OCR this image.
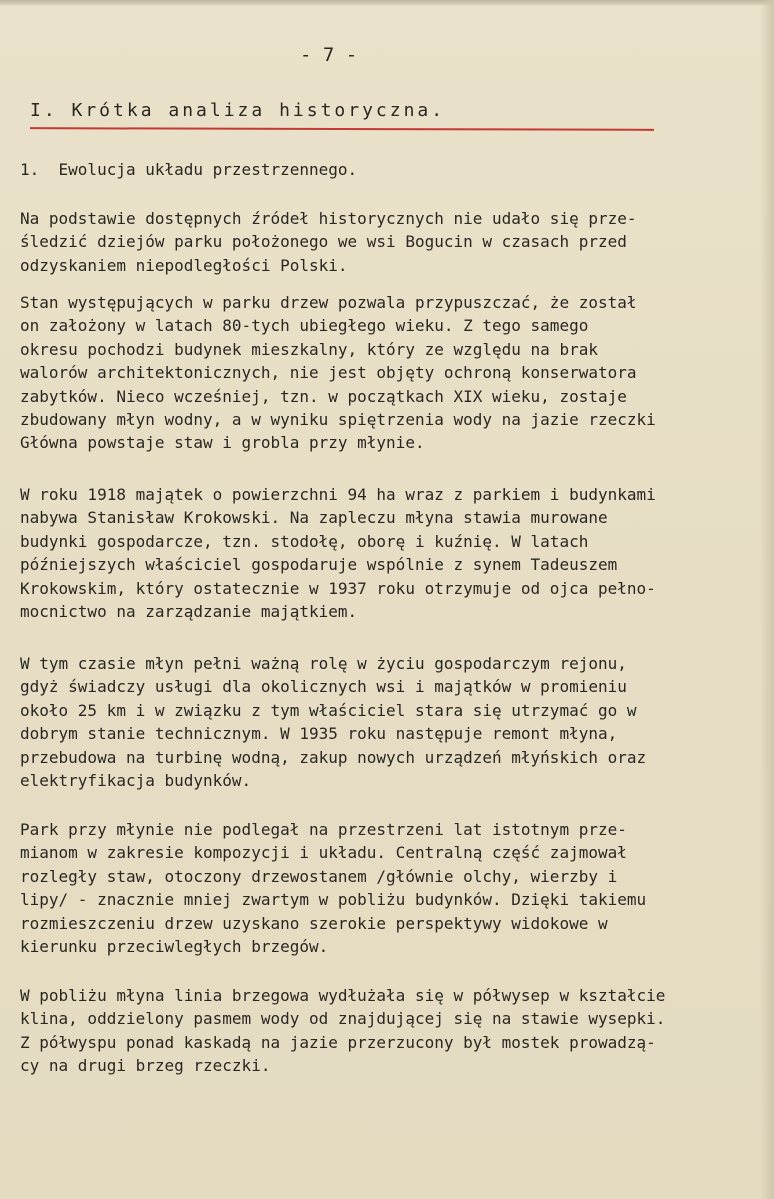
- 7 -
I. Krótka analiza historyczna.
1.  Ewolucja układu przestrzennego.
Na podstawie dostępnych źródeł historycznych nie udało się prze-
śledzić dziejów parku położonego we wsi Bogucin w czasach przed
odzyskaniem niepodległości Polski.
Stan występujących w parku drzew pozwala przypuszczać, że został
on założony w latach 80-tych ubiegłego wieku. Z tego samego
okresu pochodzi budynek mieszkalny, który ze względu na brak
walorów architektonicznych, nie jest objęty ochroną konserwatora
zabytków. Nieco wcześniej, tzn. w początkach XIX wieku, zostaje
zbudowany młyn wodny, a w wyniku spiętrzenia wody na jazie rzeczki
Główna powstaje staw i grobla przy młynie.
W roku 1918 majątek o powierzchni 94 ha wraz z parkiem i budynkami
nabywa Stanisław Krokowski. Na zapleczu młyna stawia murowane
budynki gospodarcze, tzn. stodołę, oborę i kuźnię. W latach
późniejszych właściciel gospodaruje wspólnie z synem Tadeuszem
Krokowskim, który ostatecznie w 1937 roku otrzymuje od ojca pełno-
mocnictwo na zarządzanie majątkiem.
W tym czasie młyn pełni ważną rolę w życiu gospodarczym rejonu,
gdyż świadczy usługi dla okolicznych wsi i majątków w promieniu
około 25 km i w związku z tym właściciel stara się utrzymać go w
dobrym stanie technicznym. W 1935 roku następuje remont młyna,
przebudowa na turbinę wodną, zakup nowych urządzeń młyńskich oraz
elektryfikacja budynków.
Park przy młynie nie podlegał na przestrzeni lat istotnym prze-
mianom w zakresie kompozycji i układu. Centralną część zajmował
rozległy staw, otoczony drzewostanem /głównie olchy, wierzby i
lipy/ - znacznie mniej zwartym w pobliżu budynków. Dzięki takiemu
rozmieszczeniu drzew uzyskano szerokie perspektywy widokowe w
kierunku przeciwległych brzegów.
W pobliżu młyna linia brzegowa wydłużała się w półwysep w kształcie
klina, oddzielony pasmem wody od znajdującej się na stawie wysepki.
Z półwyspu ponad kaskadą na jazie przerzucony był mostek prowadzą-
cy na drugi brzeg rzeczki.
